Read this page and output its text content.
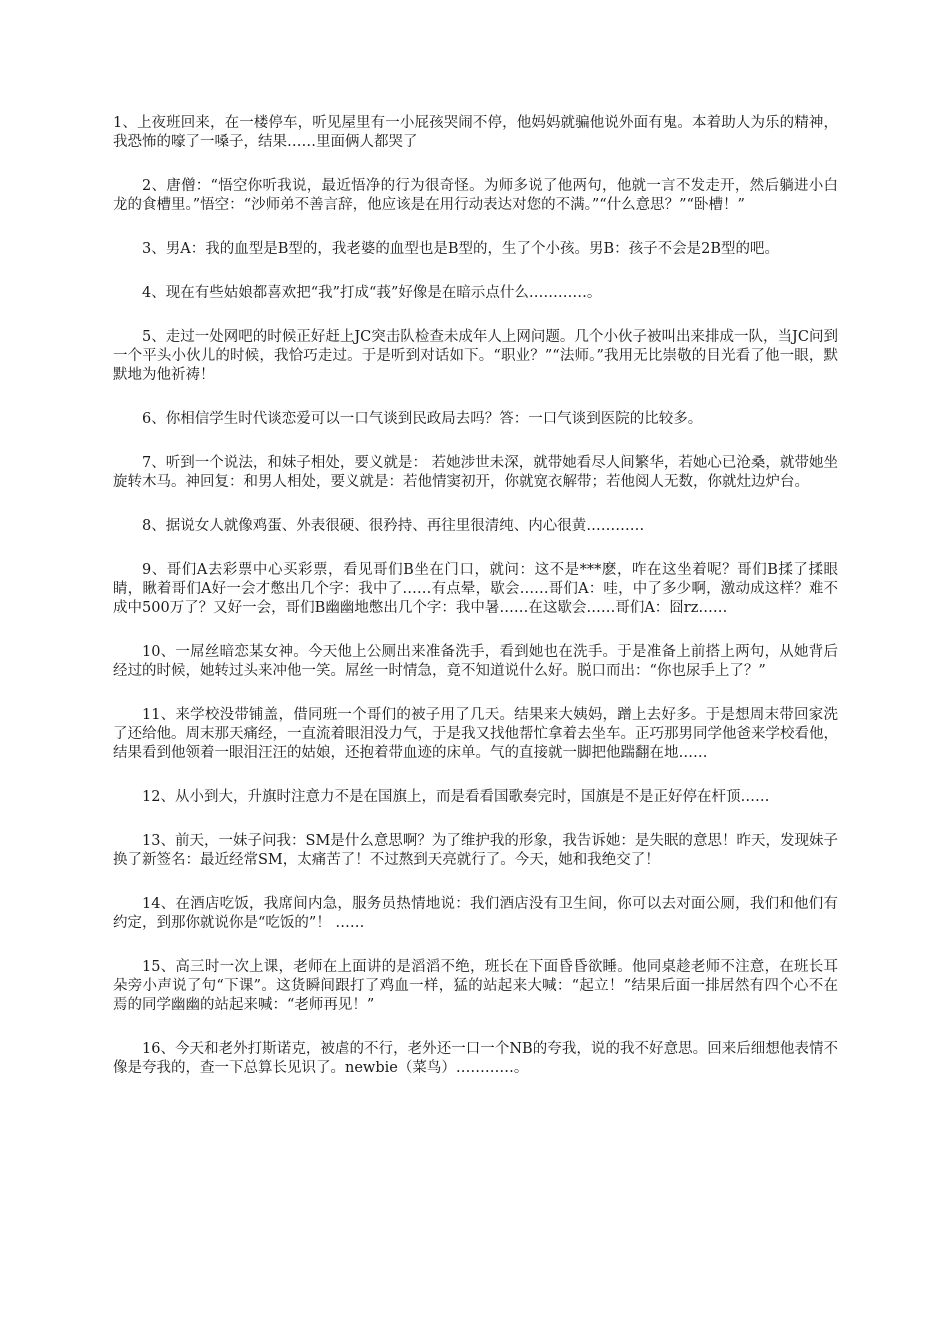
1、上夜班回来，在一楼停车，听见屋里有一小屁孩哭闹不停，他妈妈就骗他说外面有鬼。本着助人为乐的精神，我恐怖的嚎了一嗓子，结果……里面俩人都哭了

2、唐僧：“悟空你听我说，最近悟净的行为很奇怪。为师多说了他两句，他就一言不发走开，然后躺进小白龙的食槽里。”悟空：“沙师弟不善言辞，他应该是在用行动表达对您的不满。”“什么意思？”“卧槽！”

3、男A：我的血型是B型的，我老婆的血型也是B型的，生了个小孩。男B：孩子不会是2B型的吧。

4、现在有些姑娘都喜欢把“我”打成“莪”好像是在暗示点什么…………。

5、走过一处网吧的时候正好赶上JC突击队检查未成年人上网问题。几个小伙子被叫出来排成一队，当JC问到一个平头小伙儿的时候，我恰巧走过。于是听到对话如下。“职业？”“法师。”我用无比崇敬的目光看了他一眼，默默地为他祈祷！

6、你相信学生时代谈恋爱可以一口气谈到民政局去吗？答：一口气谈到医院的比较多。

7、听到一个说法，和妹子相处，要义就是： 若她涉世未深，就带她看尽人间繁华，若她心已沧桑，就带她坐旋转木马。神回复：和男人相处，要义就是：若他情窦初开，你就宽衣解带；若他阅人无数，你就灶边炉台。

8、据说女人就像鸡蛋、外表很硬、很矜持、再往里很清纯、内心很黄…………

9、哥们A去彩票中心买彩票，看见哥们B坐在门口，就问：这不是***麽，咋在这坐着呢？哥们B揉了揉眼睛，瞅着哥们A好一会才憋出几个字：我中了……有点晕，歇会……哥们A：哇，中了多少啊，激动成这样？难不成中500万了？又好一会，哥们B幽幽地憋出几个字：我中暑……在这歇会……哥们A：囧rz……

10、一屌丝暗恋某女神。今天他上公厕出来准备洗手，看到她也在洗手。于是准备上前搭上两句，从她背后经过的时候，她转过头来冲他一笑。屌丝一时情急，竟不知道说什么好。脱口而出：“你也尿手上了？”

11、来学校没带铺盖，借同班一个哥们的被子用了几天。结果来大姨妈，蹭上去好多。于是想周末带回家洗了还给他。周末那天痛经，一直流着眼泪没力气，于是我又找他帮忙拿着去坐车。正巧那男同学他爸来学校看他，结果看到他领着一眼泪汪汪的姑娘，还抱着带血迹的床单。气的直接就一脚把他踹翻在地……

12、从小到大，升旗时注意力不是在国旗上，而是看看国歌奏完时，国旗是不是正好停在杆顶……

13、前天，一妹子问我：SM是什么意思啊？为了维护我的形象，我告诉她：是失眠的意思！昨天，发现妹子换了新签名：最近经常SM，太痛苦了！不过熬到天亮就行了。今天，她和我绝交了！

14、在酒店吃饭，我席间内急，服务员热情地说：我们酒店没有卫生间，你可以去对面公厕，我们和他们有约定，到那你就说你是“吃饭的”！ ……

15、高三时一次上课，老师在上面讲的是滔滔不绝，班长在下面昏昏欲睡。他同桌趁老师不注意，在班长耳朵旁小声说了句“下课”。这货瞬间跟打了鸡血一样，猛的站起来大喊：“起立！”结果后面一排居然有四个心不在焉的同学幽幽的站起来喊：“老师再见！”

16、今天和老外打斯诺克，被虐的不行，老外还一口一个NB的夸我，说的我不好意思。回来后细想他表情不像是夸我的，查一下总算长见识了。newbie（菜鸟）…………。
